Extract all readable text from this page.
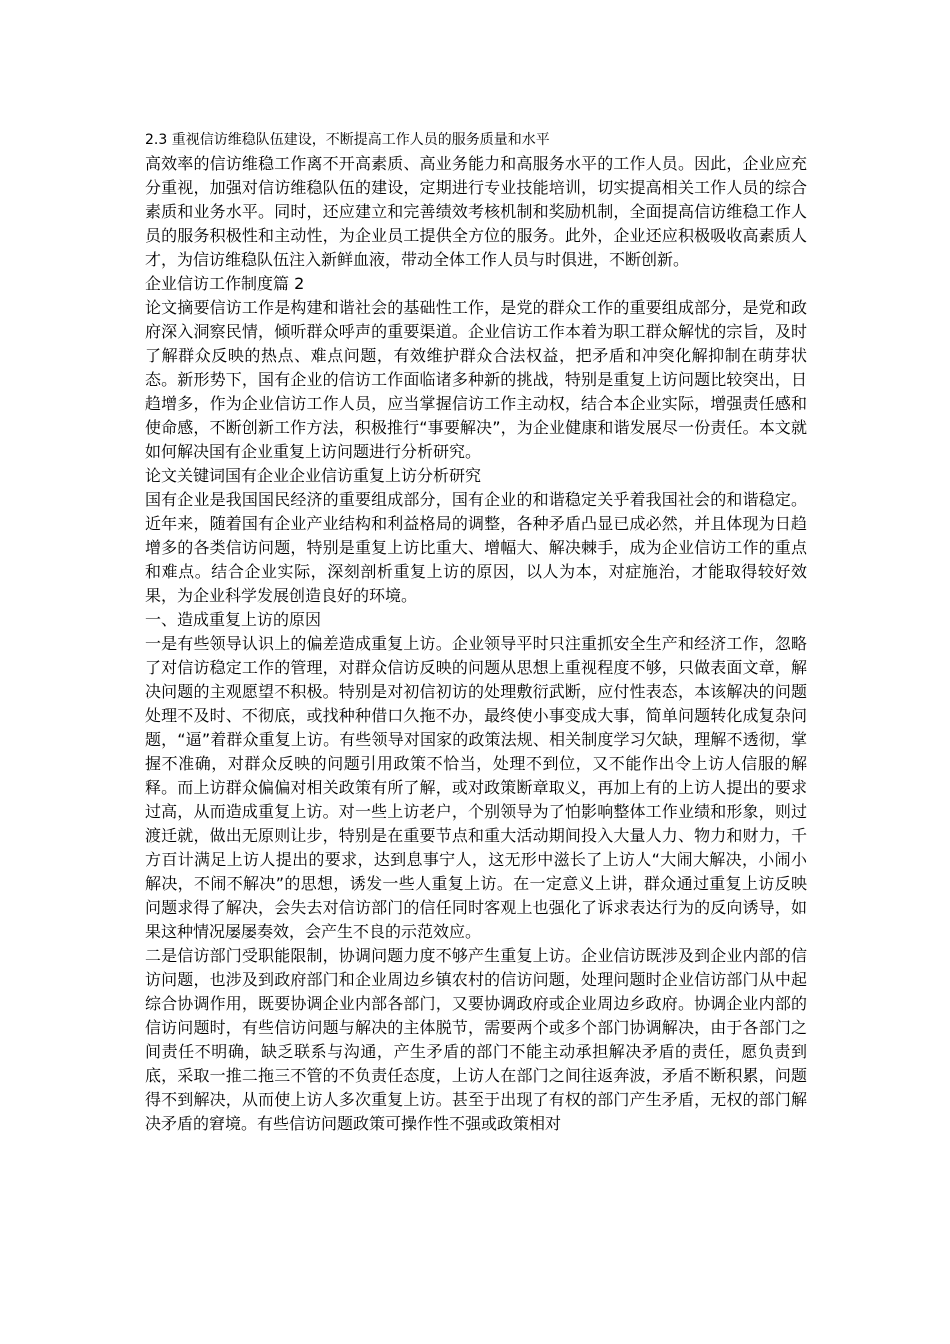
2.3 重视信访维稳队伍建设，不断提高工作人员的服务质量和水平

高效率的信访维稳工作离不开高素质、高业务能力和高服务水平的工作人员。因此，企业应充分重视，加强对信访维稳队伍的建设，定期进行专业技能培训，切实提高相关工作人员的综合素质和业务水平。同时，还应建立和完善绩效考核机制和奖励机制，全面提高信访维稳工作人员的服务积极性和主动性，为企业员工提供全方位的服务。此外，企业还应积极吸收高素质人才，为信访维稳队伍注入新鲜血液，带动全体工作人员与时俱进，不断创新。

企业信访工作制度篇 2

论文摘要信访工作是构建和谐社会的基础性工作，是党的群众工作的重要组成部分，是党和政府深入洞察民情，倾听群众呼声的重要渠道。企业信访工作本着为职工群众解忧的宗旨，及时了解群众反映的热点、难点问题，有效维护群众合法权益，把矛盾和冲突化解抑制在萌芽状态。新形势下，国有企业的信访工作面临诸多种新的挑战，特别是重复上访问题比较突出，日趋增多，作为企业信访工作人员，应当掌握信访工作主动权，结合本企业实际，增强责任感和使命感，不断创新工作方法，积极推行“事要解决”，为企业健康和谐发展尽一份责任。本文就如何解决国有企业重复上访问题进行分析研究。

论文关键词国有企业企业信访重复上访分析研究

国有企业是我国国民经济的重要组成部分，国有企业的和谐稳定关乎着我国社会的和谐稳定。近年来，随着国有企业产业结构和利益格局的调整，各种矛盾凸显已成必然，并且体现为日趋增多的各类信访问题，特别是重复上访比重大、增幅大、解决棘手，成为企业信访工作的重点和难点。结合企业实际，深刻剖析重复上访的原因，以人为本，对症施治，才能取得较好效果，为企业科学发展创造良好的环境。

一、造成重复上访的原因

一是有些领导认识上的偏差造成重复上访。企业领导平时只注重抓安全生产和经济工作，忽略了对信访稳定工作的管理，对群众信访反映的问题从思想上重视程度不够，只做表面文章，解决问题的主观愿望不积极。特别是对初信初访的处理敷衍武断，应付性表态，本该解决的问题处理不及时、不彻底，或找种种借口久拖不办，最终使小事变成大事，简单问题转化成复杂问题，“逼”着群众重复上访。有些领导对国家的政策法规、相关制度学习欠缺，理解不透彻，掌握不准确，对群众反映的问题引用政策不恰当，处理不到位，又不能作出令上访人信服的解释。而上访群众偏偏对相关政策有所了解，或对政策断章取义，再加上有的上访人提出的要求过高，从而造成重复上访。对一些上访老户，个别领导为了怕影响整体工作业绩和形象，则过渡迁就，做出无原则让步，特别是在重要节点和重大活动期间投入大量人力、物力和财力，千方百计满足上访人提出的要求，达到息事宁人，这无形中滋长了上访人“大闹大解决，小闹小解决，不闹不解决”的思想，诱发一些人重复上访。在一定意义上讲，群众通过重复上访反映问题求得了解决，会失去对信访部门的信任同时客观上也强化了诉求表达行为的反向诱导，如果这种情况屡屡奏效，会产生不良的示范效应。

二是信访部门受职能限制，协调问题力度不够产生重复上访。企业信访既涉及到企业内部的信访问题，也涉及到政府部门和企业周边乡镇农村的信访问题，处理问题时企业信访部门从中起综合协调作用，既要协调企业内部各部门，又要协调政府或企业周边乡政府。协调企业内部的信访问题时，有些信访问题与解决的主体脱节，需要两个或多个部门协调解决，由于各部门之间责任不明确，缺乏联系与沟通，产生矛盾的部门不能主动承担解决矛盾的责任，愿负责到底，采取一推二拖三不管的不负责任态度，上访人在部门之间往返奔波，矛盾不断积累，问题得不到解决，从而使上访人多次重复上访。甚至于出现了有权的部门产生矛盾，无权的部门解决矛盾的窘境。有些信访问题政策可操作性不强或政策相对
